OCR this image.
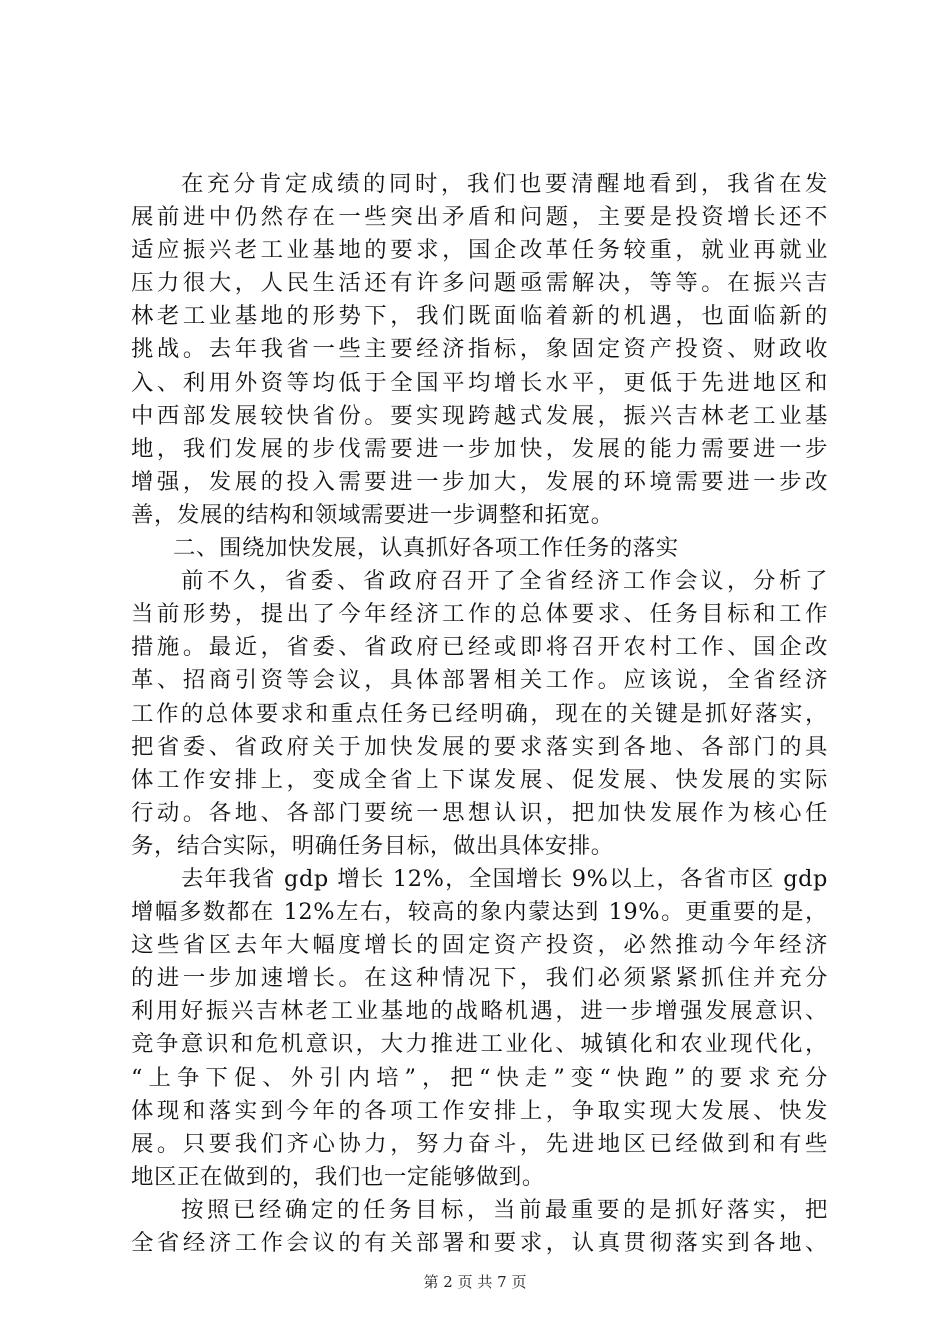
在充分肯定成绩的同时，我们也要清醒地看到，我省在发
展前进中仍然存在一些突出矛盾和问题，主要是投资增长还不
适应振兴老工业基地的要求，国企改革任务较重，就业再就业
压力很大，人民生活还有许多问题亟需解决，等等。在振兴吉
林老工业基地的形势下，我们既面临着新的机遇，也面临新的
挑战。去年我省一些主要经济指标，象固定资产投资、财政收
入、利用外资等均低于全国平均增长水平，更低于先进地区和
中西部发展较快省份。要实现跨越式发展，振兴吉林老工业基
地，我们发展的步伐需要进一步加快，发展的能力需要进一步
增强，发展的投入需要进一步加大，发展的环境需要进一步改
善，发展的结构和领域需要进一步调整和拓宽。
二、围绕加快发展，认真抓好各项工作任务的落实
前不久，省委、省政府召开了全省经济工作会议，分析了
当前形势，提出了今年经济工作的总体要求、任务目标和工作
措施。最近，省委、省政府已经或即将召开农村工作、国企改
革、招商引资等会议，具体部署相关工作。应该说，全省经济
工作的总体要求和重点任务已经明确，现在的关键是抓好落实，
把省委、省政府关于加快发展的要求落实到各地、各部门的具
体工作安排上，变成全省上下谋发展、促发展、快发展的实际
行动。各地、各部门要统一思想认识，把加快发展作为核心任
务，结合实际，明确任务目标，做出具体安排。
去年我省 gdp 增长 12%，全国增长 9%以上，各省市区 gdp
增幅多数都在 12%左右，较高的象内蒙达到 19%。更重要的是，
这些省区去年大幅度增长的固定资产投资，必然推动今年经济
的进一步加速增长。在这种情况下，我们必须紧紧抓住并充分
利用好振兴吉林老工业基地的战略机遇，进一步增强发展意识、
竞争意识和危机意识，大力推进工业化、城镇化和农业现代化，
“上争下促、外引内培”，把“快走”变“快跑”的要求充分
体现和落实到今年的各项工作安排上，争取实现大发展、快发
展。只要我们齐心协力，努力奋斗，先进地区已经做到和有些
地区正在做到的，我们也一定能够做到。
按照已经确定的任务目标，当前最重要的是抓好落实，把
全省经济工作会议的有关部署和要求，认真贯彻落实到各地、
第 2 页 共 7 页
